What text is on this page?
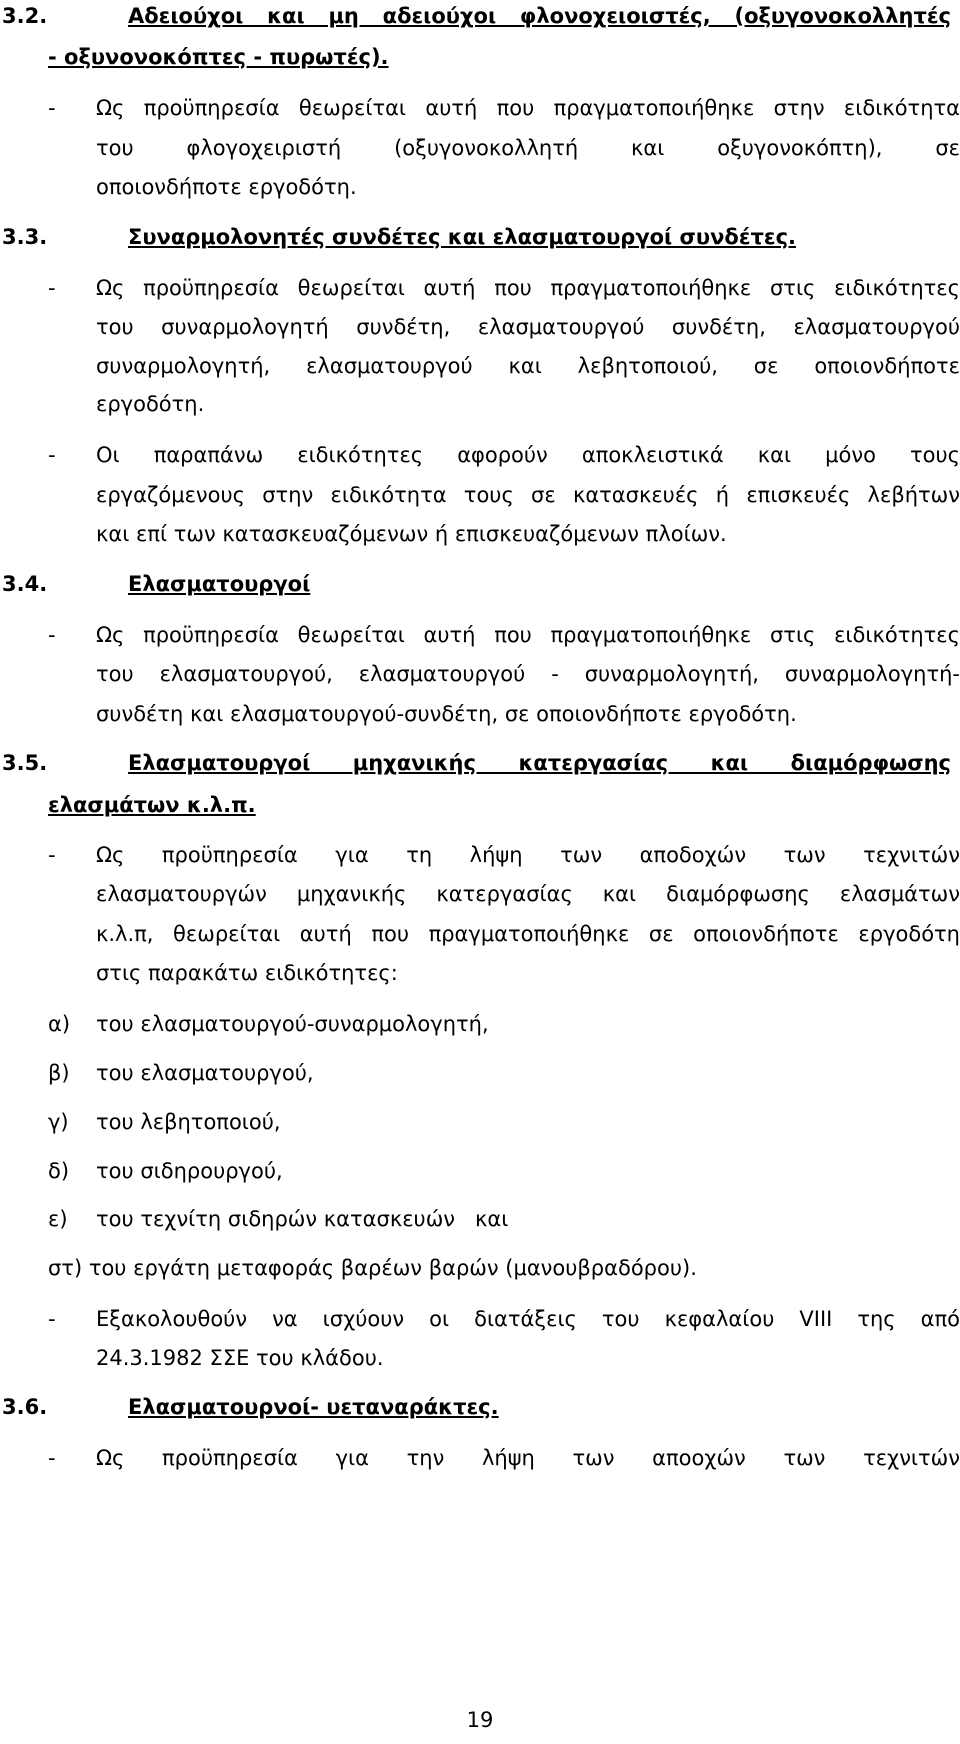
3.2.	Αδειούχοι και μη αδειούχοι φλονοχειοιστές, (οξυγονοκολλητές
- οξυνονοκόπτες - πυρωτές).
- Ως προϋπηρεσία θεωρείται αυτή που πραγματοποιήθηκε στην ειδικότητα
του φλογοχειριστή (οξυγονοκολλητή και οξυγονοκόπτη), σε
οποιονδήποτε εργοδότη.
3.3.	Συναρμολονητές συνδέτες και ελασματουργοί συνδέτες.
- Ως προϋπηρεσία θεωρείται αυτή που πραγματοποιήθηκε στις ειδικότητες
του συναρμολογητή συνδέτη, ελασματουργού συνδέτη, ελασματουργού
συναρμολογητή, ελασματουργού και λεβητοποιού, σε οποιονδήποτε
εργοδότη.
- Οι παραπάνω ειδικότητες αφορούν αποκλειστικά και μόνο τους
εργαζόμενους στην ειδικότητα τους σε κατασκευές ή επισκευές λεβήτων
και επί των κατασκευαζόμενων ή επισκευαζόμενων πλοίων.
3.4.	Ελασματουργοί
- Ως προϋπηρεσία θεωρείται αυτή που πραγματοποιήθηκε στις ειδικότητες
του ελασματουργού, ελασματουργού - συναρμολογητή, συναρμολογητή-
συνδέτη και ελασματουργού-συνδέτη, σε οποιονδήποτε εργοδότη.
3.5.	Ελασματουργοί μηχανικής κατεργασίας και διαμόρφωσης
ελασμάτων κ.λ.π.
- Ως προϋπηρεσία για τη λήψη των αποδοχών των τεχνιτών
ελασματουργών μηχανικής κατεργασίας και διαμόρφωσης ελασμάτων
κ.λ.π, θεωρείται αυτή που πραγματοποιήθηκε σε οποιονδήποτε εργοδότη
στις παρακάτω ειδικότητες:
α) του ελασματουργού-συναρμολογητή,
β) του ελασματουργού,
γ) του λεβητοποιού,
δ) του σιδηρουργού,
ε) του τεχνίτη σιδηρών κατασκευών   και
στ) του εργάτη μεταφοράς βαρέων βαρών (μανουβραδόρου).
- Εξακολουθούν να ισχύουν οι διατάξεις του κεφαλαίου VIII της από
24.3.1982 ΣΣΕ του κλάδου.
3.6.	Ελασματουρνοί- υεταναράκτες.
- Ως προϋπηρεσία για την λήψη των αποοχών των τεχνιτών
19
